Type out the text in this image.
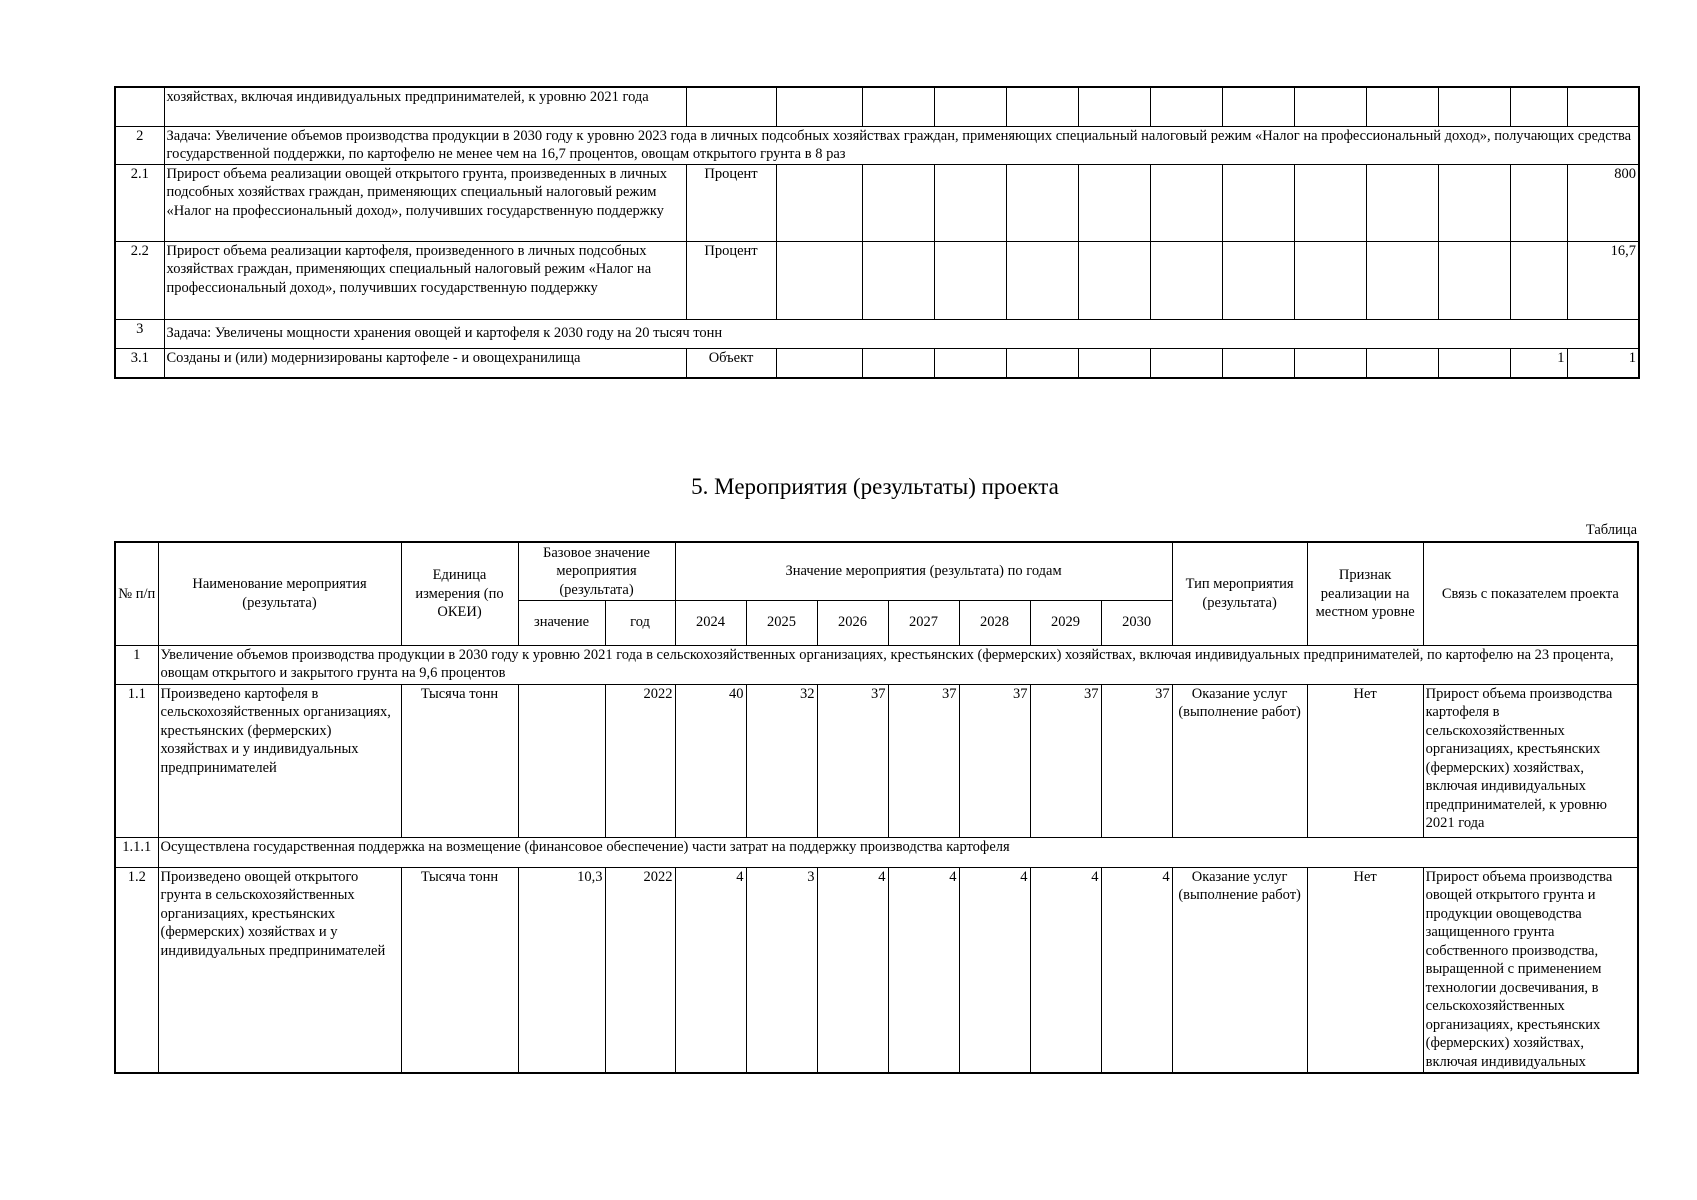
	хозяйствах, включая индивидуальных предпринимателей, к уровню 2021 года													
2	Задача: Увеличение объемов производства продукции в 2030 году к уровню 2023 года в личных подсобных хозяйствах граждан, применяющих специальный налоговый режим «Налог на профессиональный доход», получающих средства государственной поддержки, по картофелю не менее чем на 16,7 процентов, овощам открытого грунта в 8 раз													
2.1	Прирост объема реализации овощей открытого грунта, произведенных в личных подсобных хозяйствах граждан, применяющих специальный налоговый режим «Налог на профессиональный доход», получивших государственную поддержку	Процент												800
2.2	Прирост объема реализации картофеля, произведенного в личных подсобных хозяйствах граждан, применяющих специальный налоговый режим «Налог на профессиональный доход», получивших государственную поддержку	Процент												16,7
3	Задача: Увеличены мощности хранения овощей и картофеля к 2030 году на 20 тысяч тонн													
3.1	Созданы и (или) модернизированы картофеле - и овощехранилища	Объект											1	1
5. Мероприятия (результаты) проекта
Таблица
№ п/п	Наименование мероприятия (результата)	Единица измерения (по ОКЕИ)	Базовое значение мероприятия (результата)		Значение мероприятия (результата) по годам							Тип мероприятия (результата)	Признак реализации на местном уровне	Связь с показателем проекта
			значение	год	2024	2025	2026	2027	2028	2029	2030			
1	Увеличение объемов производства продукции в 2030 году к уровню 2021 года в сельскохозяйственных организациях, крестьянских (фермерских) хозяйствах, включая индивидуальных предпринимателей, по картофелю на 23 процента, овощам открытого и закрытого грунта на 9,6 процентов													
1.1	Произведено картофеля в сельскохозяйственных организациях, крестьянских (фермерских) хозяйствах и у индивидуальных предпринимателей	Тысяча тонн		2022	40	32	37	37	37	37	37	Оказание услуг (выполнение работ)	Нет	Прирост объема производства картофеля в сельскохозяйственных организациях, крестьянских (фермерских) хозяйствах, включая индивидуальных предпринимателей, к уровню 2021 года
1.1.1	Осуществлена государственная поддержка на возмещение (финансовое обеспечение) части затрат на поддержку производства картофеля													
1.2	Произведено овощей открытого грунта в сельскохозяйственных организациях, крестьянских (фермерских) хозяйствах и у индивидуальных предпринимателей	Тысяча тонн	10,3	2022	4	3	4	4	4	4	4	Оказание услуг (выполнение работ)	Нет	Прирост объема производства овощей открытого грунта и продукции овощеводства защищенного грунта собственного производства, выращенной с применением технологии досвечивания, в сельскохозяйственных организациях, крестьянских (фермерских) хозяйствах, включая индивидуальных
